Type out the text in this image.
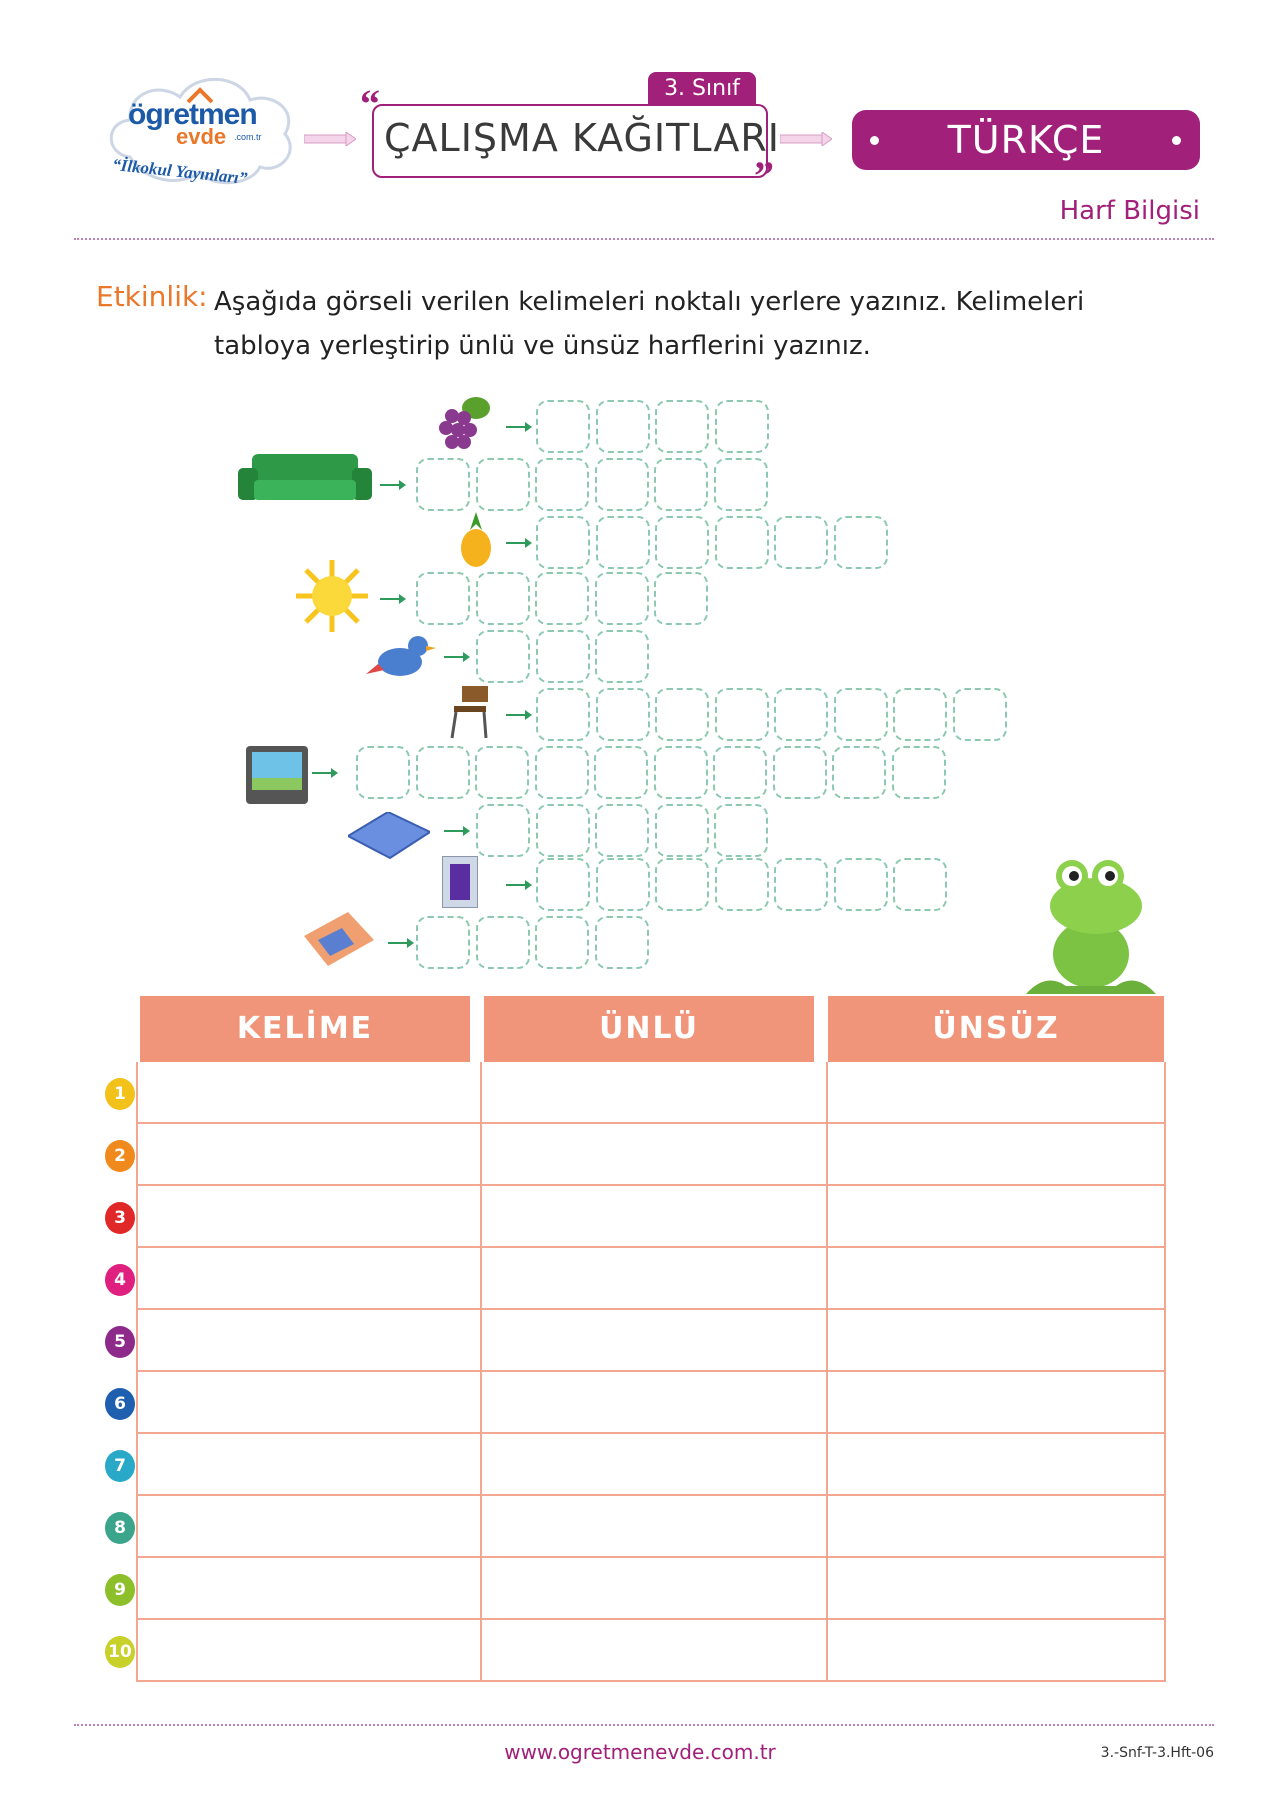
ögretmen
evde .com.tr
“İlkokul Yayınları”
3. Sınıf
“
ÇALIŞMA KAĞITLARI
”
TÜRKÇE
Harf Bilgisi
Etkinlik: Aşağıda görseli verilen kelimeleri noktalı yerlere yazınız. Kelimeleri tabloya yerleştirip ünlü ve ünsüz harflerini yazınız.
KELİME	ÜNLÜ	ÜNSÜZ
1
2
3
4
5
6
7
8
9
10
www.ogretmenevde.com.tr	3.-Snf-T-3.Hft-06
